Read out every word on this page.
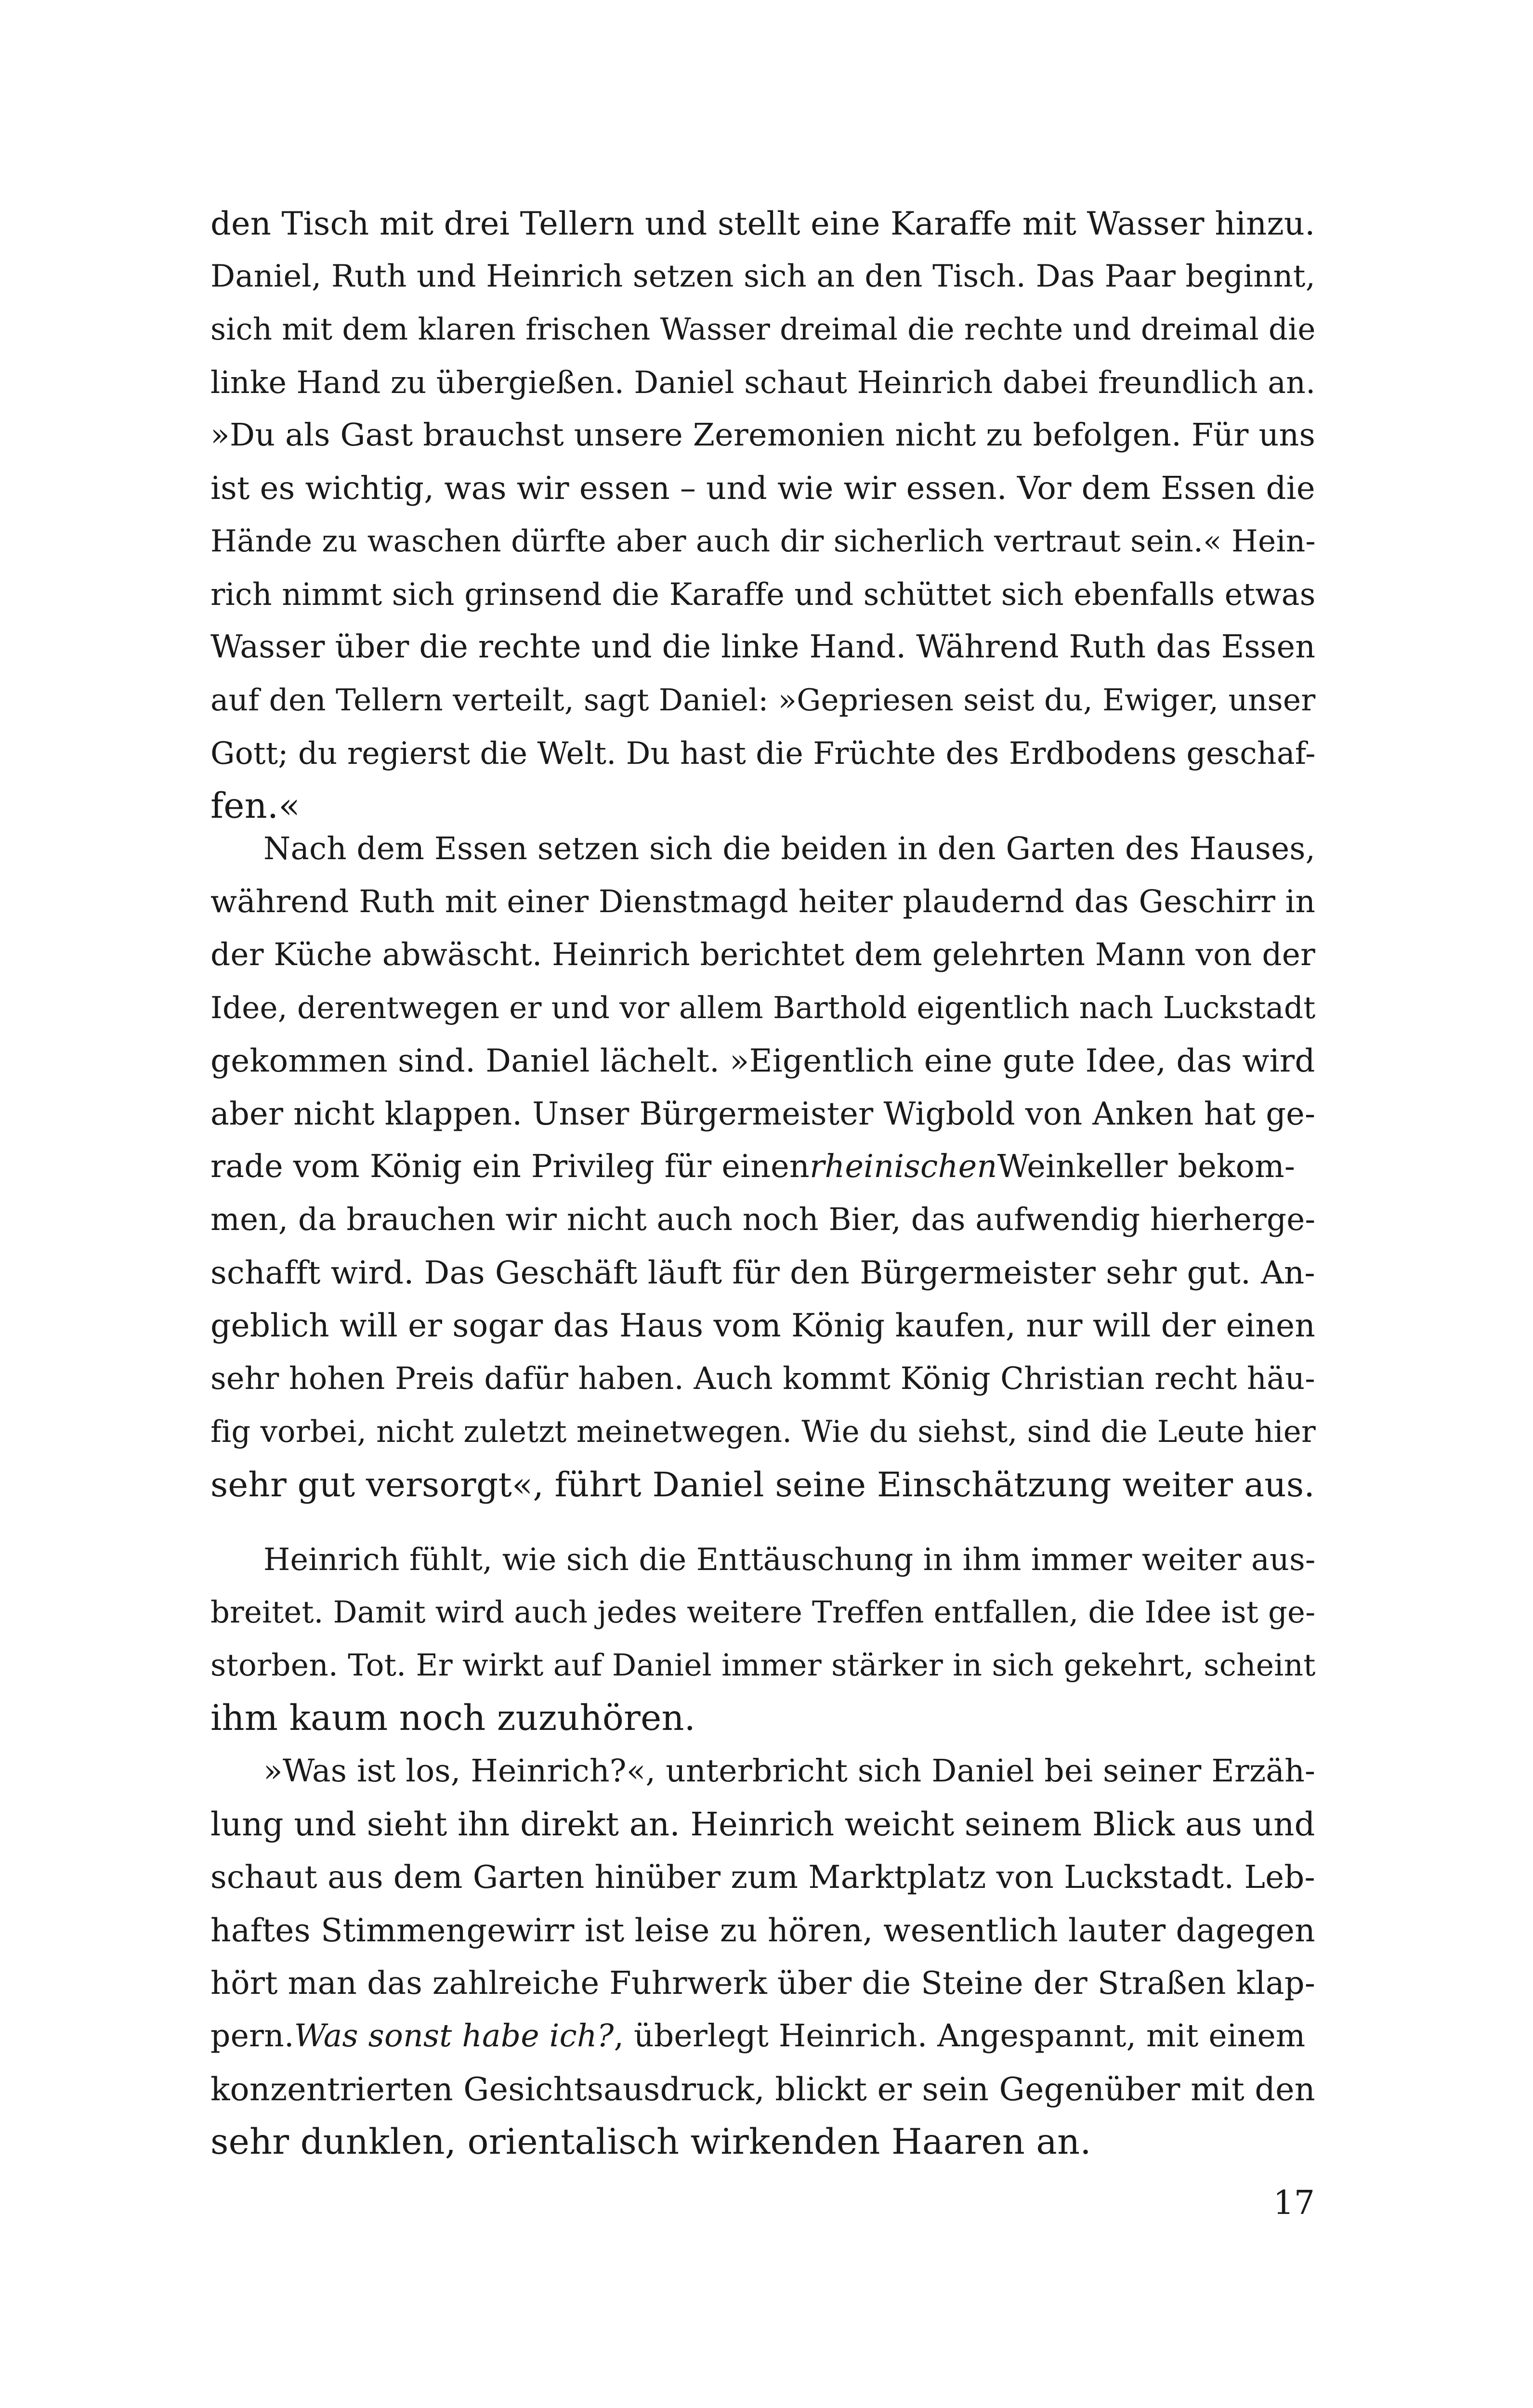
den Tisch mit drei Tellern und stellt eine Karaffe mit Wasser hinzu.
Daniel, Ruth und Heinrich setzen sich an den Tisch. Das Paar beginnt,
sich mit dem klaren frischen Wasser dreimal die rechte und dreimal die
linke Hand zu übergießen. Daniel schaut Heinrich dabei freundlich an.
»Du als Gast brauchst unsere Zeremonien nicht zu befolgen. Für uns
ist es wichtig, was wir essen – und wie wir essen. Vor dem Essen die
Hände zu waschen dürfte aber auch dir sicherlich vertraut sein.« Hein-
rich nimmt sich grinsend die Karaffe und schüttet sich ebenfalls etwas
Wasser über die rechte und die linke Hand. Während Ruth das Essen
auf den Tellern verteilt, sagt Daniel: »Gepriesen seist du, Ewiger, unser
Gott; du regierst die Welt. Du hast die Früchte des Erdbodens geschaf-
fen.«
Nach dem Essen setzen sich die beiden in den Garten des Hauses,
während Ruth mit einer Dienstmagd heiter plaudernd das Geschirr in
der Küche abwäscht. Heinrich berichtet dem gelehrten Mann von der
Idee, derentwegen er und vor allem Barthold eigentlich nach Luckstadt
gekommen sind. Daniel lächelt. »Eigentlich eine gute Idee, das wird
aber nicht klappen. Unser Bürgermeister Wigbold von Anken hat ge-
rade vom König ein Privileg für einenrheinischenWeinkeller bekom-
men, da brauchen wir nicht auch noch Bier, das aufwendig hierherge-
schafft wird. Das Geschäft läuft für den Bürgermeister sehr gut. An-
geblich will er sogar das Haus vom König kaufen, nur will der einen
sehr hohen Preis dafür haben. Auch kommt König Christian recht häu-
fig vorbei, nicht zuletzt meinetwegen. Wie du siehst, sind die Leute hier
sehr gut versorgt«, führt Daniel seine Einschätzung weiter aus.
Heinrich fühlt, wie sich die Enttäuschung in ihm immer weiter aus-
breitet. Damit wird auch jedes weitere Treffen entfallen, die Idee ist ge-
storben. Tot. Er wirkt auf Daniel immer stärker in sich gekehrt, scheint
ihm kaum noch zuzuhören.
»Was ist los, Heinrich?«, unterbricht sich Daniel bei seiner Erzäh-
lung und sieht ihn direkt an. Heinrich weicht seinem Blick aus und
schaut aus dem Garten hinüber zum Marktplatz von Luckstadt. Leb-
haftes Stimmengewirr ist leise zu hören, wesentlich lauter dagegen
hört man das zahlreiche Fuhrwerk über die Steine der Straßen klap-
pern.Was sonst habe ich?, überlegt Heinrich. Angespannt, mit einem
konzentrierten Gesichtsausdruck, blickt er sein Gegenüber mit den
sehr dunklen, orientalisch wirkenden Haaren an.
17
